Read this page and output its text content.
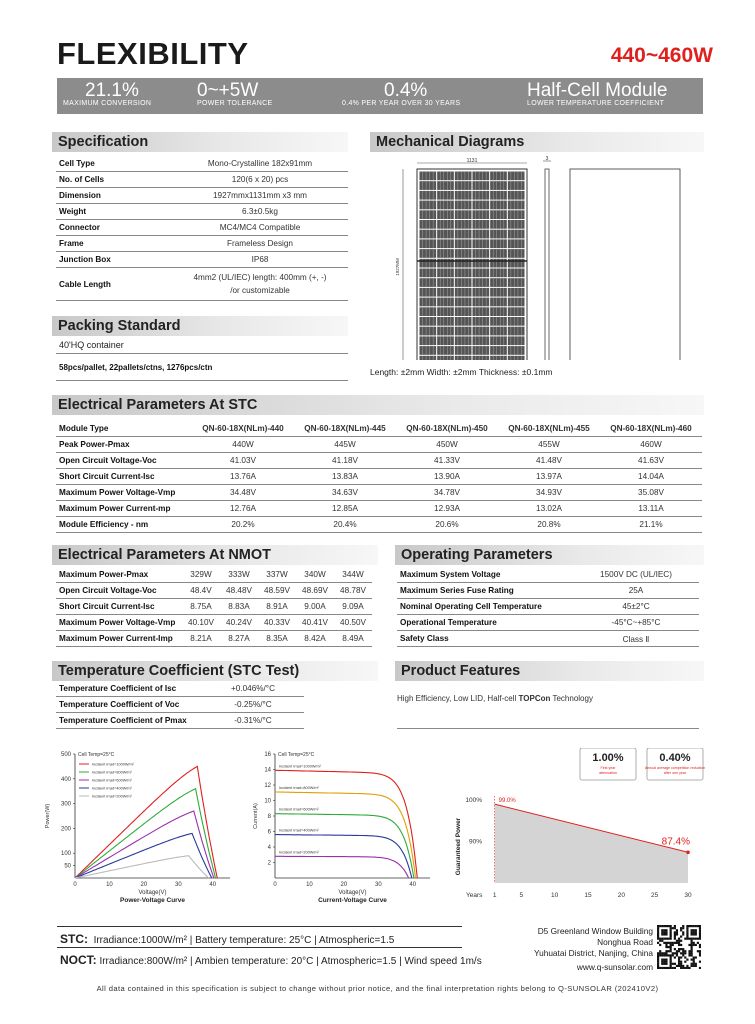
FLEXIBILITY	440~460W
21.1%
MAXIMUM CONVERSION
0~+5W
POWER TOLERANCE
0.4%
0.4% PER YEAR OVER 30 YEARS
Half-Cell Module
LOWER TEMPERATURE COEFFICIENT
Specification
Cell Type	Mono-Crystalline 182x91mm
No. of Cells	120(6 x 20) pcs
Dimension	1927mmx1131mm x3 mm
Weight	6.3±0.5kg
Connector	MC4/MC4 Compatible
Frame	Frameless Design
Junction Box	IP68
Cable Length	4mm2 (UL/IEC) length: 400mm (+, -)
/or customizable
Mechanical Diagrams
1131
1927MM
3
Length: ±2mm Width: ±2mm Thickness: ±0.1mm
Packing Standard
40'HQ container
58pcs/pallet, 22pallets/ctns, 1276pcs/ctn
Electrical Parameters At STC
Module Type	QN-60-18X(NLm)-440	QN-60-18X(NLm)-445	QN-60-18X(NLm)-450	QN-60-18X(NLm)-455	QN-60-18X(NLm)-460
Peak Power-Pmax	440W	445W	450W	455W	460W
Open Circuit Voltage-Voc	41.03V	41.18V	41.33V	41.48V	41.63V
Short Circuit Current-Isc	13.76A	13.83A	13.90A	13.97A	14.04A
Maximum Power Voltage-Vmp	34.48V	34.63V	34.78V	34.93V	35.08V
Maximum Power Current-mp	12.76A	12.85A	12.93A	13.02A	13.11A
Module Efficiency - nm	20.2%	20.4%	20.6%	20.8%	21.1%
Electrical Parameters At NMOT
Maximum Power-Pmax	329W	333W	337W	340W	344W
Open Circuit Voltage-Voc	48.4V	48.48V	48.59V	48.69V	48.78V
Short Circuit Current-Isc	8.75A	8.83A	8.91A	9.00A	9.09A
Maximum Power Voltage-Vmp	40.10V	40.24V	40.33V	40.41V	40.50V
Maximum Power Current-Imp	8.21A	8.27A	8.35A	8.42A	8.49A
Operating Parameters
Maximum System Voltage	1500V DC (UL/IEC)
Maximum Series Fuse Rating	25A
Nominal Operating Cell Temperature	45±2°C
Operational Temperature	-45°C~+85°C
Safety Class	Class Ⅱ
Temperature Coefficient (STC Test)
Temperature Coefficient of Isc	+0.046%/°C
Temperature Coefficient of Voc	-0.25%/°C
Temperature Coefficient of Pmax	-0.31%/°C
Product Features
High Efficiency, Low LID, Half-cell TOPCon Technology
50
100
200
300
400
500
0	10	20	30	40
Voltage(V)
Power-Voltage Curve
Power(W)
Cell Temp=25°C
Incident Irrad=1000W/m²
Incident Irrad=800W/m²
Incident Irrad=600W/m²
Incident Irrad=400W/m²
Incident Irrad=200W/m²
2
4
6
8
10
12
14
16
0	10	20	30	40
Voltage(V)
Current-Voltage Curve
Current(A)
Cell Temp=25°C
Incident Irrad=1000W/m²
Incident Irrad=800W/m²
Incident Irrad=600W/m²
Incident Irrad=400W/m²
Incident Irrad=200W/m²
1.00%
First year
attenuation
0.40%
Annual average competition reduction
after one year
99.0%
87.4%
100%
90%
Years 1	5	10	15	20	25	30
Guaranteed Power
STC: Irradiance:1000W/m² | Battery temperature: 25°C | Atmospheric=1.5
NOCT: Irradiance:800W/m² | Ambien temperature: 20°C | Atmospheric=1.5 | Wind speed 1m/s
D5 Greenland Window Building
Nonghua Road
Yuhuatai District, Nanjing, China
www.q-sunsolar.com
All data contained in this specification is subject to change without prior notice, and the final interpretation rights belong to Q-SUNSOLAR (202410V2)
